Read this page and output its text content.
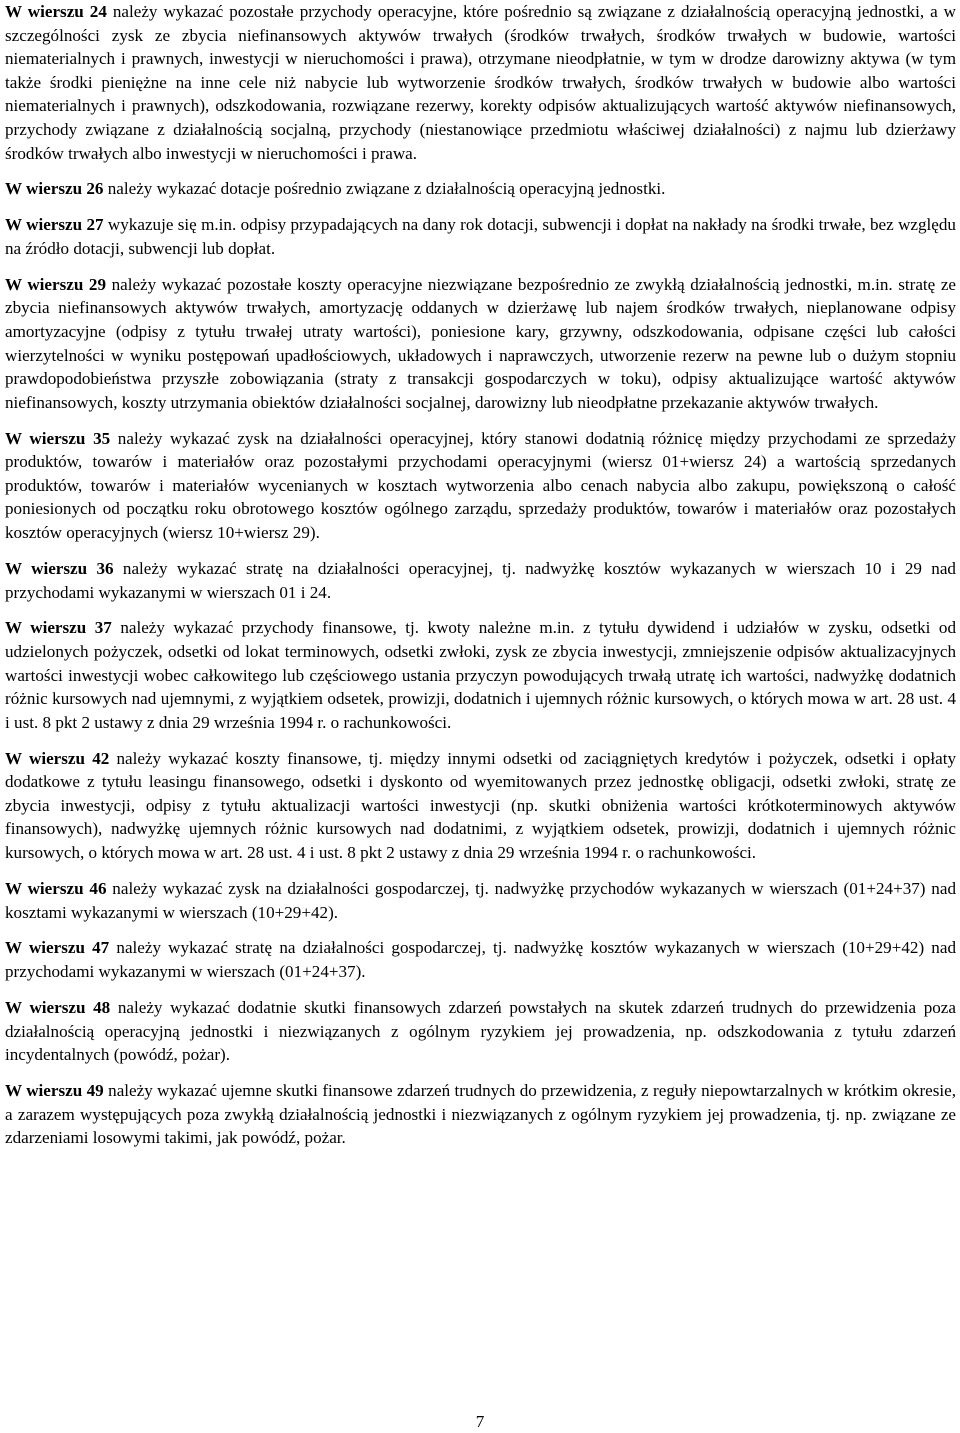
W wierszu 24 należy wykazać pozostałe przychody operacyjne, które pośrednio są związane z działalnością operacyjną jednostki, a w szczególności zysk ze zbycia niefinansowych aktywów trwałych (środków trwałych, środków trwałych w budowie, wartości niematerialnych i prawnych, inwestycji w nieruchomości i prawa), otrzymane nieodpłatnie, w tym w drodze darowizny aktywa (w tym także środki pieniężne na inne cele niż nabycie lub wytworzenie środków trwałych, środków trwałych w budowie albo wartości niematerialnych i prawnych), odszkodowania, rozwiązane rezerwy, korekty odpisów aktualizujących wartość aktywów niefinansowych, przychody związane z działalnością socjalną, przychody (niestanowiące przedmiotu właściwej działalności) z najmu lub dzierżawy środków trwałych albo inwestycji w nieruchomości i prawa.

W wierszu 26 należy wykazać dotacje pośrednio związane z działalnością operacyjną jednostki.

W wierszu 27 wykazuje się m.in. odpisy przypadających na dany rok dotacji, subwencji i dopłat na nakłady na środki trwałe, bez względu na źródło dotacji, subwencji lub dopłat.

W wierszu 29 należy wykazać pozostałe koszty operacyjne niezwiązane bezpośrednio ze zwykłą działalnością jednostki, m.in. stratę ze zbycia niefinansowych aktywów trwałych, amortyzację oddanych w dzierżawę lub najem środków trwałych, nieplanowane odpisy amortyzacyjne (odpisy z tytułu trwałej utraty wartości), poniesione kary, grzywny, odszkodowania, odpisane części lub całości wierzytelności w wyniku postępowań upadłościowych, układowych i naprawczych, utworzenie rezerw na pewne lub o dużym stopniu prawdopodobieństwa przyszłe zobowiązania (straty z transakcji gospodarczych w toku), odpisy aktualizujące wartość aktywów niefinansowych, koszty utrzymania obiektów działalności socjalnej, darowizny lub nieodpłatne przekazanie aktywów trwałych.

W wierszu 35 należy wykazać zysk na działalności operacyjnej, który stanowi dodatnią różnicę między przychodami ze sprzedaży produktów, towarów i materiałów oraz pozostałymi przychodami operacyjnymi (wiersz 01+wiersz 24) a wartością sprzedanych produktów, towarów i materiałów wycenianych w kosztach wytworzenia albo cenach nabycia albo zakupu, powiększoną o całość poniesionych od początku roku obrotowego kosztów ogólnego zarządu, sprzedaży produktów, towarów i materiałów oraz pozostałych kosztów operacyjnych (wiersz 10+wiersz 29).

W wierszu 36 należy wykazać stratę na działalności operacyjnej, tj. nadwyżkę kosztów wykazanych w wierszach 10 i 29 nad przychodami wykazanymi w wierszach 01 i 24.

W wierszu 37 należy wykazać przychody finansowe, tj. kwoty należne m.in. z tytułu dywidend i udziałów w zysku, odsetki od udzielonych pożyczek, odsetki od lokat terminowych, odsetki zwłoki, zysk ze zbycia inwestycji, zmniejszenie odpisów aktualizacyjnych wartości inwestycji wobec całkowitego lub częściowego ustania przyczyn powodujących trwałą utratę ich wartości, nadwyżkę dodatnich różnic kursowych nad ujemnymi, z wyjątkiem odsetek, prowizji, dodatnich i ujemnych różnic kursowych, o których mowa w art. 28 ust. 4 i ust. 8 pkt 2 ustawy z dnia 29 września 1994 r. o rachunkowości.

W wierszu 42 należy wykazać koszty finansowe, tj. między innymi odsetki od zaciągniętych kredytów i pożyczek, odsetki i opłaty dodatkowe z tytułu leasingu finansowego, odsetki i dyskonto od wyemitowanych przez jednostkę obligacji, odsetki zwłoki, stratę ze zbycia inwestycji, odpisy z tytułu aktualizacji wartości inwestycji (np. skutki obniżenia wartości krótkoterminowych aktywów finansowych), nadwyżkę ujemnych różnic kursowych nad dodatnimi, z wyjątkiem odsetek, prowizji, dodatnich i ujemnych różnic kursowych, o których mowa w art. 28 ust. 4 i ust. 8 pkt 2 ustawy z dnia 29 września 1994 r. o rachunkowości.

W wierszu 46 należy wykazać zysk na działalności gospodarczej, tj. nadwyżkę przychodów wykazanych w wierszach (01+24+37) nad kosztami wykazanymi w wierszach (10+29+42).

W wierszu 47 należy wykazać stratę na działalności gospodarczej, tj. nadwyżkę kosztów wykazanych w wierszach (10+29+42) nad przychodami wykazanymi w wierszach (01+24+37).

W wierszu 48 należy wykazać dodatnie skutki finansowych zdarzeń powstałych na skutek zdarzeń trudnych do przewidzenia poza działalnością operacyjną jednostki i niezwiązanych z ogólnym ryzykiem jej prowadzenia, np. odszkodowania z tytułu zdarzeń incydentalnych (powódź, pożar).

W wierszu 49 należy wykazać ujemne skutki finansowe zdarzeń trudnych do przewidzenia, z reguły niepowtarzalnych w krótkim okresie, a zarazem występujących poza zwykłą działalnością jednostki i niezwiązanych z ogólnym ryzykiem jej prowadzenia, tj. np. związane ze zdarzeniami losowymi takimi, jak powódź, pożar.

7
